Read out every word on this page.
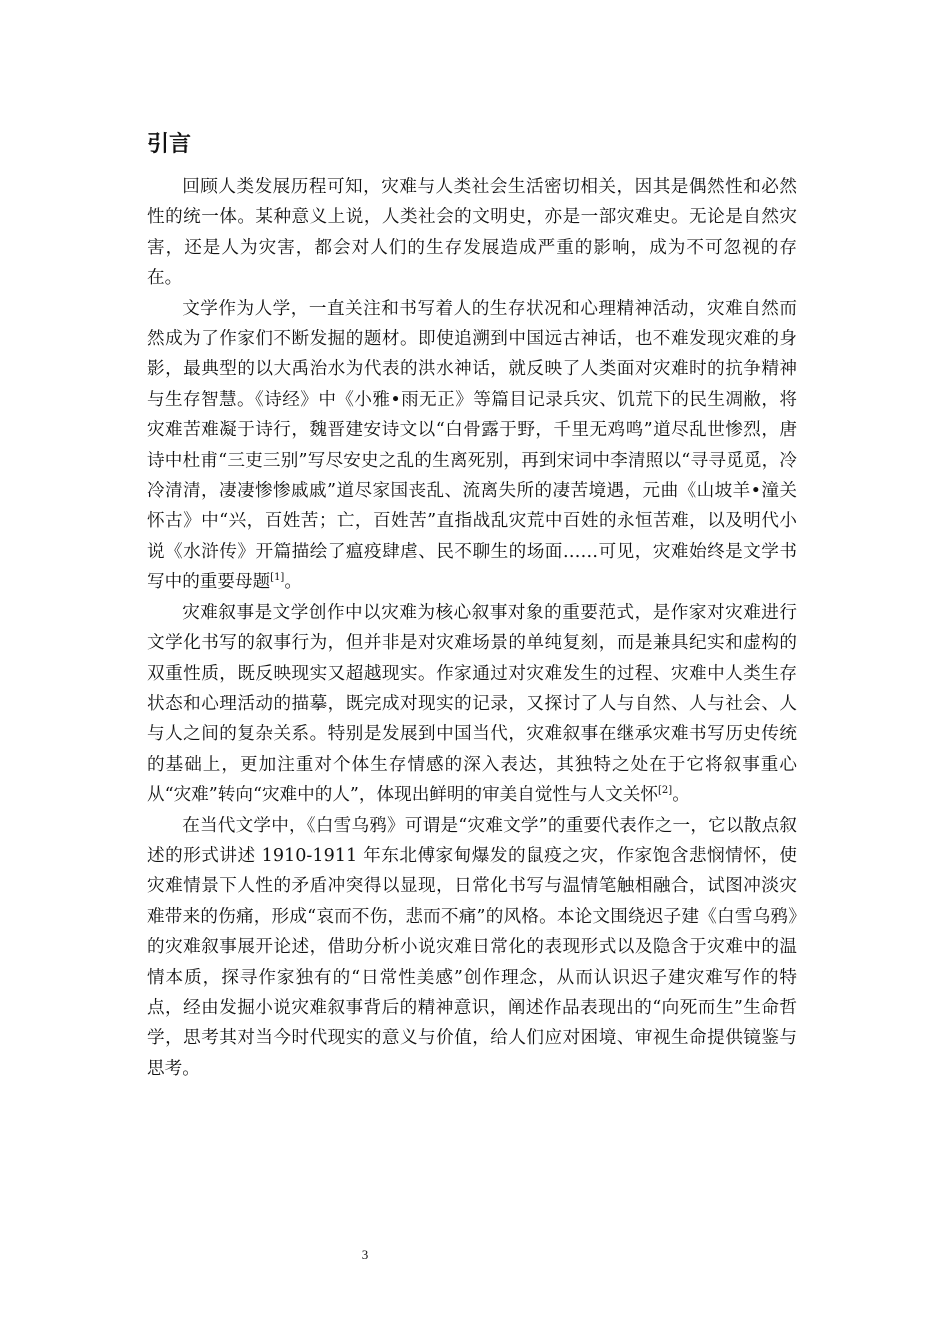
引言

回顾人类发展历程可知，灾难与人类社会生活密切相关，因其是偶然性和必然性的统一体。某种意义上说，人类社会的文明史，亦是一部灾难史。无论是自然灾害，还是人为灾害，都会对人们的生存发展造成严重的影响，成为不可忽视的存在。

文学作为人学，一直关注和书写着人的生存状况和心理精神活动，灾难自然而然成为了作家们不断发掘的题材。即使追溯到中国远古神话，也不难发现灾难的身影，最典型的以大禹治水为代表的洪水神话，就反映了人类面对灾难时的抗争精神与生存智慧。《诗经》中《小雅•雨无正》等篇目记录兵灾、饥荒下的民生凋敝，将灾难苦难凝于诗行，魏晋建安诗文以“白骨露于野，千里无鸡鸣”道尽乱世惨烈，唐诗中杜甫“三吏三别”写尽安史之乱的生离死别，再到宋词中李清照以“寻寻觅觅，冷冷清清，凄凄惨惨戚戚”道尽家国丧乱、流离失所的凄苦境遇，元曲《山坡羊•潼关怀古》中“兴，百姓苦；亡，百姓苦”直指战乱灾荒中百姓的永恒苦难，以及明代小说《水浒传》开篇描绘了瘟疫肆虐、民不聊生的场面……可见，灾难始终是文学书写中的重要母题[1]。

灾难叙事是文学创作中以灾难为核心叙事对象的重要范式，是作家对灾难进行文学化书写的叙事行为，但并非是对灾难场景的单纯复刻，而是兼具纪实和虚构的双重性质，既反映现实又超越现实。作家通过对灾难发生的过程、灾难中人类生存状态和心理活动的描摹，既完成对现实的记录，又探讨了人与自然、人与社会、人与人之间的复杂关系。特别是发展到中国当代，灾难叙事在继承灾难书写历史传统的基础上，更加注重对个体生存情感的深入表达，其独特之处在于它将叙事重心从“灾难”转向“灾难中的人”，体现出鲜明的审美自觉性与人文关怀[2]。

在当代文学中，《白雪乌鸦》可谓是“灾难文学”的重要代表作之一，它以散点叙述的形式讲述 1910-1911 年东北傅家甸爆发的鼠疫之灾，作家饱含悲悯情怀，使灾难情景下人性的矛盾冲突得以显现，日常化书写与温情笔触相融合，试图冲淡灾难带来的伤痛，形成“哀而不伤，悲而不痛”的风格。本论文围绕迟子建《白雪乌鸦》的灾难叙事展开论述，借助分析小说灾难日常化的表现形式以及隐含于灾难中的温情本质，探寻作家独有的“日常性美感”创作理念，从而认识迟子建灾难写作的特点，经由发掘小说灾难叙事背后的精神意识，阐述作品表现出的“向死而生”生命哲学，思考其对当今时代现实的意义与价值，给人们应对困境、审视生命提供镜鉴与思考。

3
